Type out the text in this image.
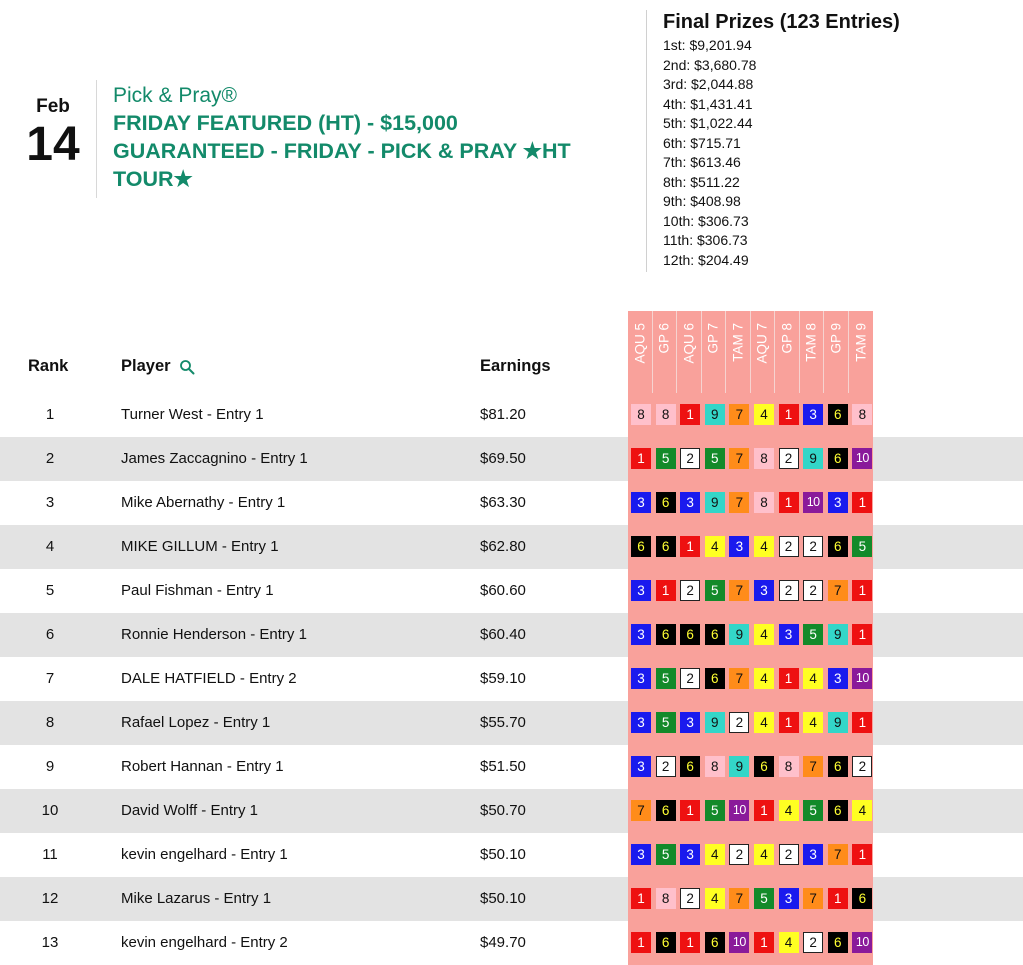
Feb
14
Pick & Pray®
FRIDAY FEATURED (HT) - $15,000 GUARANTEED - FRIDAY - PICK & PRAY ★HT TOUR★
Final Prizes (123 Entries)
1st: $9,201.94
2nd: $3,680.78
3rd: $2,044.88
4th: $1,431.41
5th: $1,022.44
6th: $715.71
7th: $613.46
8th: $511.22
9th: $408.98
10th: $306.73
11th: $306.73
12th: $204.49
AQU 5 GP 6 AQU 6 GP 7 TAM 7 AQU 7 GP 8 TAM 8 GP 9 TAM 9
Rank	Player	Earnings
1	Turner West - Entry 1	$81.20	8	8	1	9	7	4	1	3	6	8
2	James Zaccagnino - Entry 1	$69.50	1	5	2	5	7	8	2	9	6	10
3	Mike Abernathy - Entry 1	$63.30	3	6	3	9	7	8	1	10	3	1
4	MIKE GILLUM - Entry 1	$62.80	6	6	1	4	3	4	2	2	6	5
5	Paul Fishman - Entry 1	$60.60	3	1	2	5	7	3	2	2	7	1
6	Ronnie Henderson - Entry 1	$60.40	3	6	6	6	9	4	3	5	9	1
7	DALE HATFIELD - Entry 2	$59.10	3	5	2	6	7	4	1	4	3	10
8	Rafael Lopez - Entry 1	$55.70	3	5	3	9	2	4	1	4	9	1
9	Robert Hannan - Entry 1	$51.50	3	2	6	8	9	6	8	7	6	2
10	David Wolff - Entry 1	$50.70	7	6	1	5	10	1	4	5	6	4
11	kevin engelhard - Entry 1	$50.10	3	5	3	4	2	4	2	3	7	1
12	Mike Lazarus - Entry 1	$50.10	1	8	2	4	7	5	3	7	1	6
13	kevin engelhard - Entry 2	$49.70	1	6	1	6	10	1	4	2	6	10
